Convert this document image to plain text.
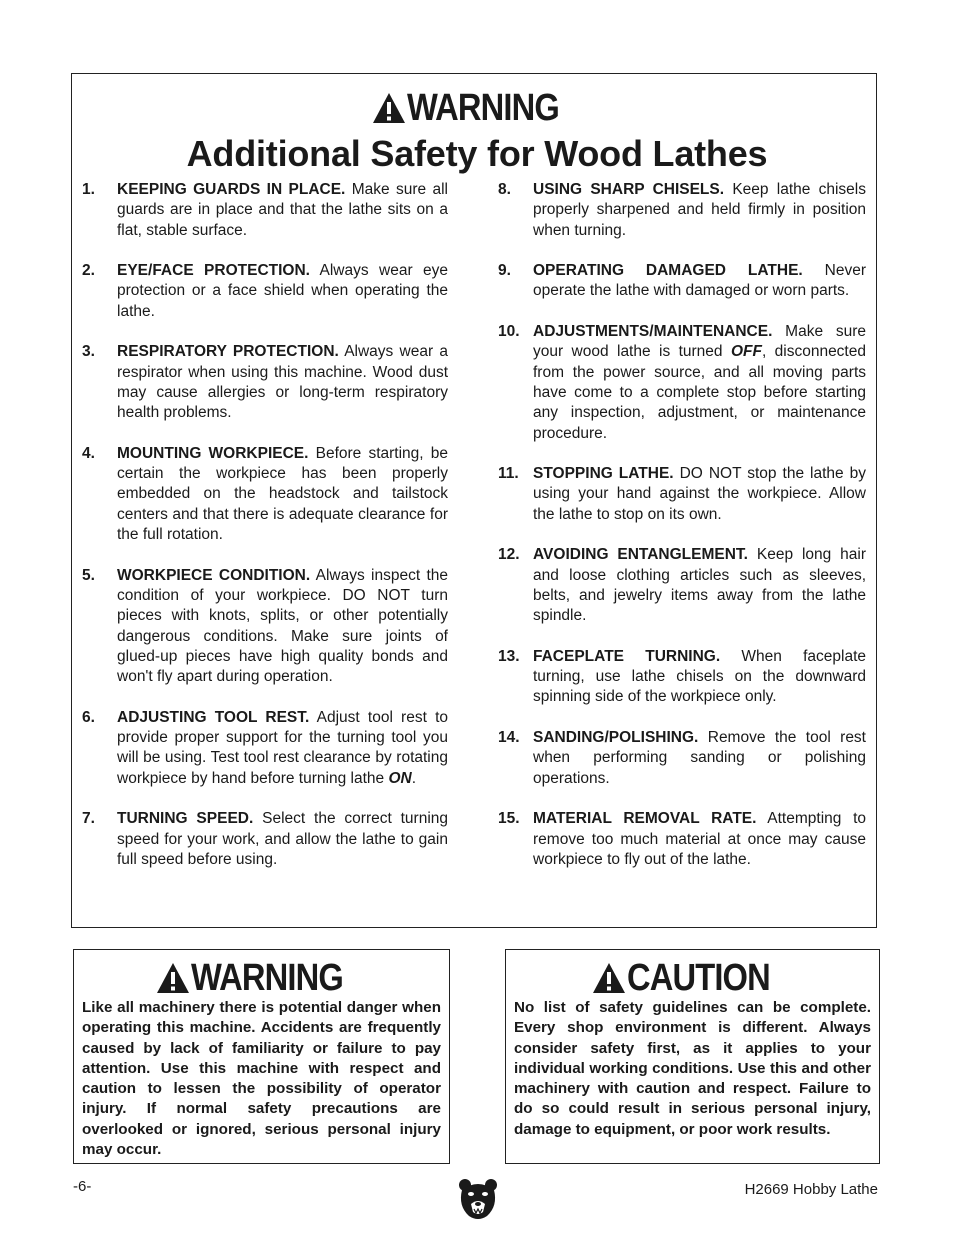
WARNING
Additional Safety for Wood Lathes
1. KEEPING GUARDS IN PLACE. Make sure all guards are in place and that the lathe sits on a flat, stable surface.
2. EYE/FACE PROTECTION. Always wear eye protection or a face shield when operating the lathe.
3. RESPIRATORY PROTECTION. Always wear a respirator when using this machine. Wood dust may cause allergies or long-term respiratory health problems.
4. MOUNTING WORKPIECE. Before starting, be certain the workpiece has been properly embedded on the headstock and tailstock centers and that there is adequate clearance for the full rotation.
5. WORKPIECE CONDITION. Always inspect the condition of your workpiece. DO NOT turn pieces with knots, splits, or other potentially dangerous conditions. Make sure joints of glued-up pieces have high quality bonds and won't fly apart during operation.
6. ADJUSTING TOOL REST. Adjust tool rest to provide proper support for the turning tool you will be using. Test tool rest clearance by rotating workpiece by hand before turning lathe ON.
7. TURNING SPEED. Select the correct turning speed for your work, and allow the lathe to gain full speed before using.
8. USING SHARP CHISELS. Keep lathe chisels properly sharpened and held firmly in position when turning.
9. OPERATING DAMAGED LATHE. Never operate the lathe with damaged or worn parts.
10. ADJUSTMENTS/MAINTENANCE. Make sure your wood lathe is turned OFF, disconnected from the power source, and all moving parts have come to a complete stop before starting any inspection, adjustment, or maintenance procedure.
11. STOPPING LATHE. DO NOT stop the lathe by using your hand against the workpiece. Allow the lathe to stop on its own.
12. AVOIDING ENTANGLEMENT. Keep long hair and loose clothing articles such as sleeves, belts, and jewelry items away from the lathe spindle.
13. FACEPLATE TURNING. When faceplate turning, use lathe chisels on the downward spinning side of the workpiece only.
14. SANDING/POLISHING. Remove the tool rest when performing sanding or polishing operations.
15. MATERIAL REMOVAL RATE. Attempting to remove too much material at once may cause workpiece to fly out of the lathe.
WARNING
Like all machinery there is potential danger when operating this machine. Accidents are frequently caused by lack of familiarity or failure to pay attention. Use this machine with respect and caution to lessen the possibility of operator injury. If normal safety precautions are overlooked or ignored, serious personal injury may occur.
CAUTION
No list of safety guidelines can be complete. Every shop environment is different. Always consider safety first, as it applies to your individual working conditions. Use this and other machinery with caution and respect. Failure to do so could result in serious personal injury, damage to equipment, or poor work results.
-6-	H2669 Hobby Lathe
